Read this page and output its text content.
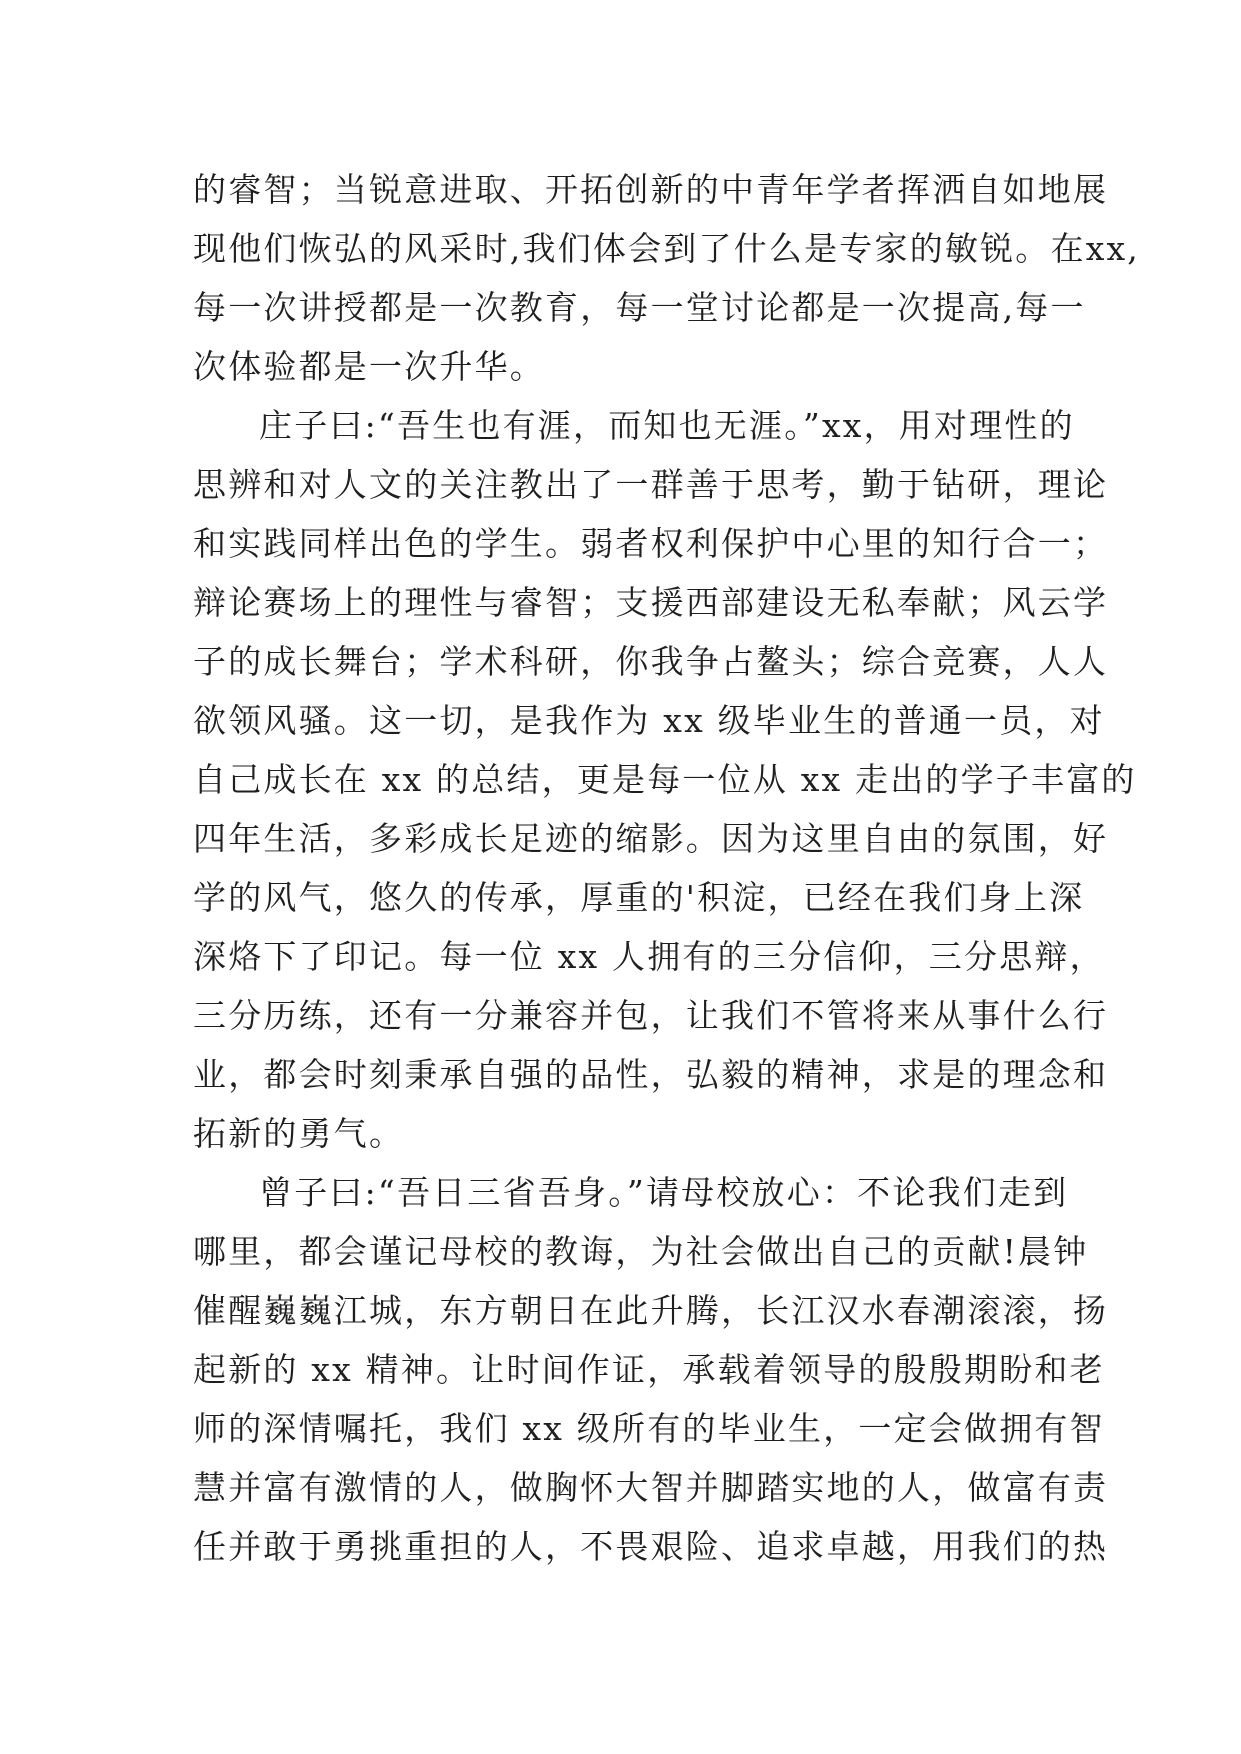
的睿智；当锐意进取、开拓创新的中青年学者挥洒自如地展
现他们恢弘的风采时,我们体会到了什么是专家的敏锐。在xx,
每一次讲授都是一次教育，每一堂讨论都是一次提高,每一
次体验都是一次升华。
庄子曰:“吾生也有涯，而知也无涯。”xx，用对理性的
思辨和对人文的关注教出了一群善于思考，勤于钻研，理论
和实践同样出色的学生。弱者权利保护中心里的知行合一；
辩论赛场上的理性与睿智；支援西部建设无私奉献；风云学
子的成长舞台；学术科研，你我争占鳌头；综合竞赛，人人
欲领风骚。这一切，是我作为 xx 级毕业生的普通一员，对
自己成长在 xx 的总结，更是每一位从 xx 走出的学子丰富的
四年生活，多彩成长足迹的缩影。因为这里自由的氛围，好
学的风气，悠久的传承，厚重的'积淀，已经在我们身上深
深烙下了印记。每一位 xx 人拥有的三分信仰，三分思辩，
三分历练，还有一分兼容并包，让我们不管将来从事什么行
业，都会时刻秉承自强的品性，弘毅的精神，求是的理念和
拓新的勇气。
曾子曰:“吾日三省吾身。”请母校放心：不论我们走到
哪里，都会谨记母校的教诲，为社会做出自己的贡献!晨钟
催醒巍巍江城，东方朝日在此升腾，长江汉水春潮滚滚，扬
起新的 xx 精神。让时间作证，承载着领导的殷殷期盼和老
师的深情嘱托，我们 xx 级所有的毕业生，一定会做拥有智
慧并富有激情的人，做胸怀大智并脚踏实地的人，做富有责
任并敢于勇挑重担的人，不畏艰险、追求卓越，用我们的热
